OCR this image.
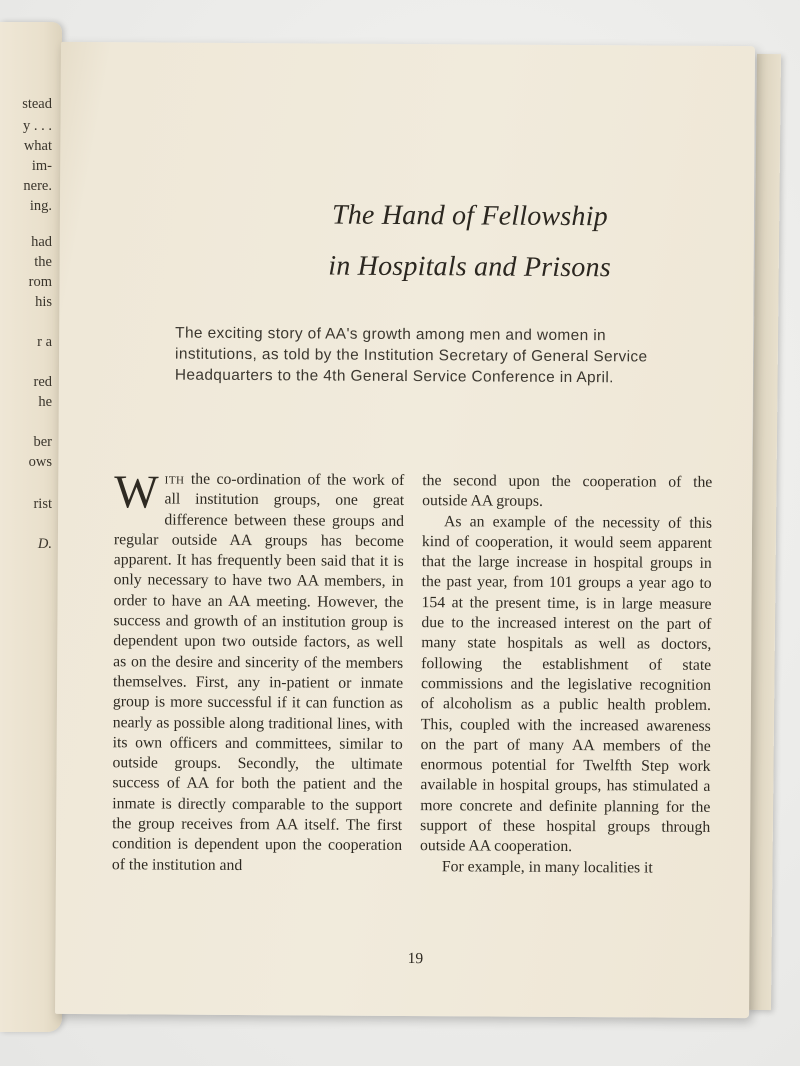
stead

y . . .

what

im-

nere.

ing.

had

the

rom

his

r a

red

he

ber

ows

rist

D.

The Hand of Fellowship
in Hospitals and Prisons

The exciting story of AA's growth among men and women in institutions, as told by the Institution Secretary of General Service Headquarters to the 4th General Service Conference in April.

With the co-ordination of the work of all institution groups, one great difference between these groups and regular outside AA groups has become apparent. It has frequently been said that it is only necessary to have two AA members, in order to have an AA meeting. However, the success and growth of an institution group is dependent upon two outside factors, as well as on the desire and sincerity of the members themselves. First, any in-patient or inmate group is more successful if it can function as nearly as possible along traditional lines, with its own officers and committees, similar to outside groups. Secondly, the ultimate success of AA for both the patient and the inmate is directly comparable to the support the group receives from AA itself. The first condition is dependent upon the cooperation of the institution and

the second upon the cooperation of the outside AA groups.

As an example of the necessity of this kind of cooperation, it would seem apparent that the large increase in hospital groups in the past year, from 101 groups a year ago to 154 at the present time, is in large measure due to the increased interest on the part of many state hospitals as well as doctors, following the establishment of state commissions and the legislative recognition of alcoholism as a public health problem. This, coupled with the increased awareness on the part of many AA members of the enormous potential for Twelfth Step work available in hospital groups, has stimulated a more concrete and definite planning for the support of these hospital groups through outside AA cooperation.

For example, in many localities it

19
